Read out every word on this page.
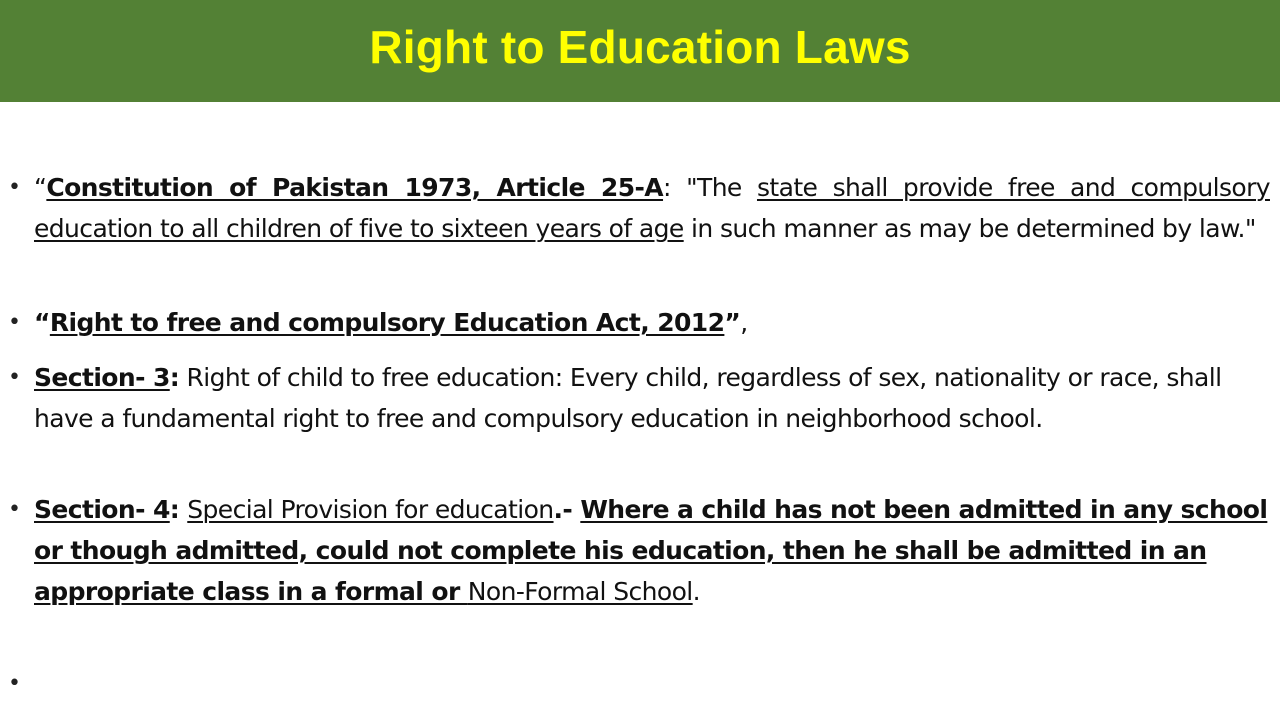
Right to Education Laws
• “Constitution of Pakistan 1973, Article 25-A: "The state shall provide free and compulsory education to all children of five to sixteen years of age in such manner as may be determined by law."
• “Right to free and compulsory Education Act, 2012”,
• Section- 3: Right of child to free education: Every child, regardless of sex, nationality or race, shall have a fundamental right to free and compulsory education in neighborhood school.
• Section- 4: Special Provision for education.- Where a child has not been admitted in any school or though admitted, could not complete his education, then he shall be admitted in an appropriate class in a formal or Non-Formal School.
•
